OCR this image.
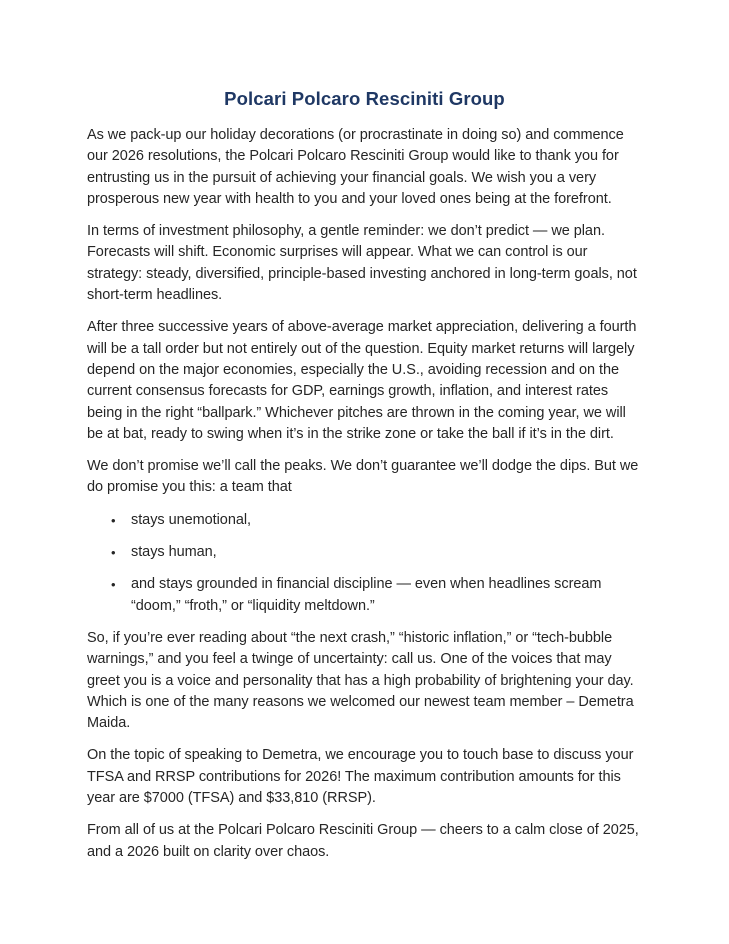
Polcari Polcaro Resciniti Group

As we pack-up our holiday decorations (or procrastinate in doing so) and commence our 2026 resolutions, the Polcari Polcaro Resciniti Group would like to thank you for entrusting us in the pursuit of achieving your financial goals. We wish you a very prosperous new year with health to you and your loved ones being at the forefront.

In terms of investment philosophy, a gentle reminder: we don’t predict — we plan. Forecasts will shift. Economic surprises will appear. What we can control is our strategy: steady, diversified, principle-based investing anchored in long-term goals, not short-term headlines.

After three successive years of above-average market appreciation, delivering a fourth will be a tall order but not entirely out of the question. Equity market returns will largely depend on the major economies, especially the U.S., avoiding recession and on the current consensus forecasts for GDP, earnings growth, inflation, and interest rates being in the right “ballpark.” Whichever pitches are thrown in the coming year, we will be at bat, ready to swing when it’s in the strike zone or take the ball if it’s in the dirt.

We don’t promise we’ll call the peaks. We don’t guarantee we’ll dodge the dips. But we do promise you this: a team that

• stays unemotional,
• stays human,
• and stays grounded in financial discipline — even when headlines scream “doom,” “froth,” or “liquidity meltdown.”

So, if you’re ever reading about “the next crash,” “historic inflation,” or “tech-bubble warnings,” and you feel a twinge of uncertainty: call us. One of the voices that may greet you is a voice and personality that has a high probability of brightening your day. Which is one of the many reasons we welcomed our newest team member – Demetra Maida.

On the topic of speaking to Demetra, we encourage you to touch base to discuss your TFSA and RRSP contributions for 2026! The maximum contribution amounts for this year are $7000 (TFSA) and $33,810 (RRSP).

From all of us at the Polcari Polcaro Resciniti Group — cheers to a calm close of 2025, and a 2026 built on clarity over chaos.
